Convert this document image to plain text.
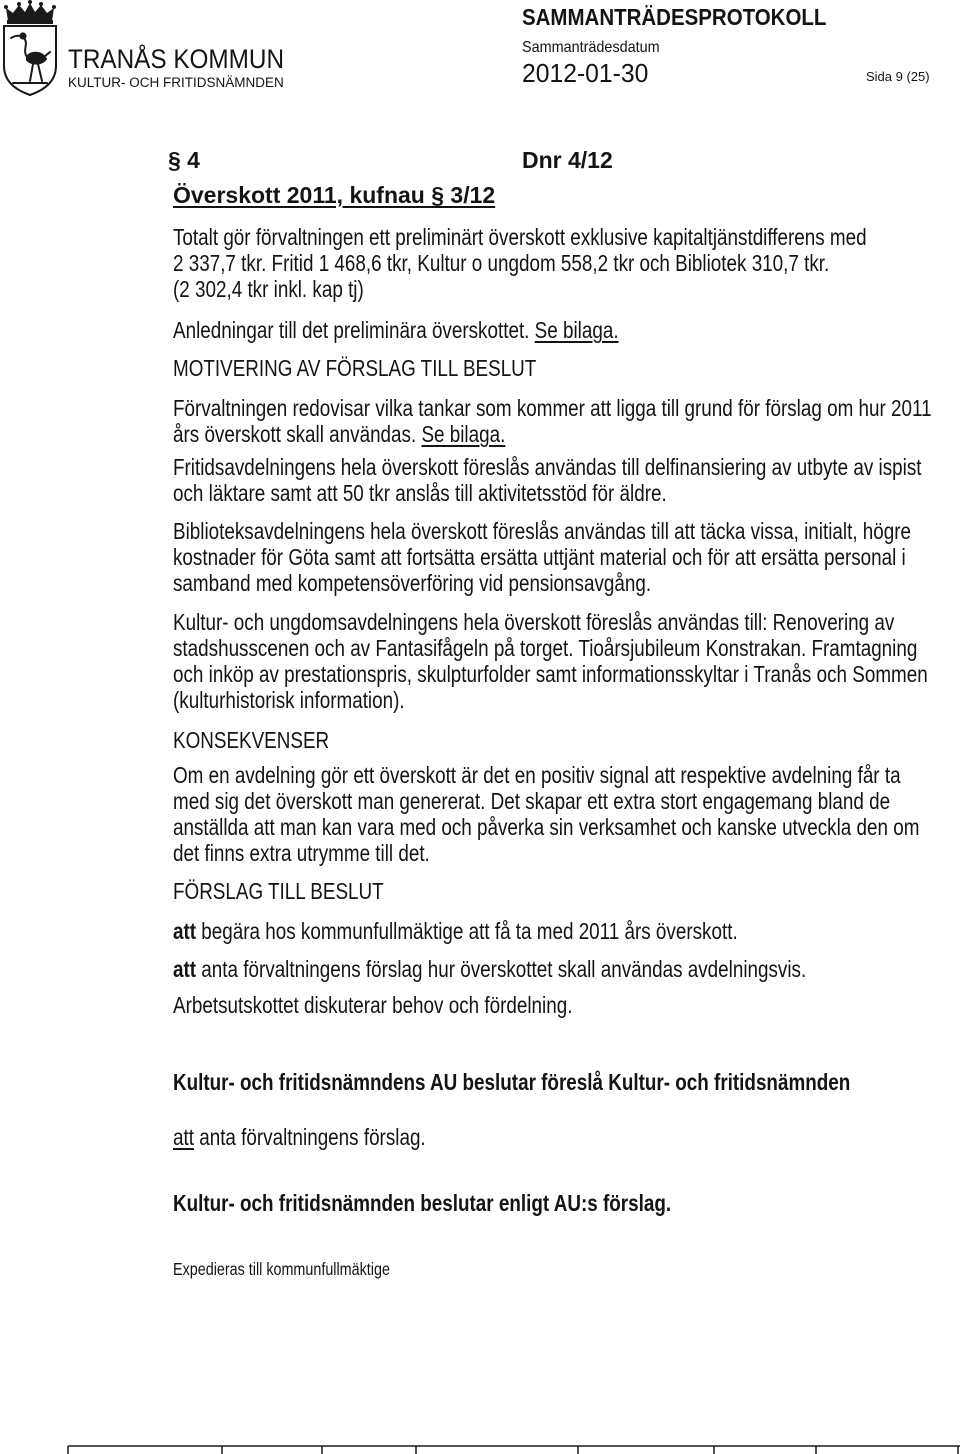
TRANÅS KOMMUN
KULTUR- OCH FRITIDSNÄMNDEN
SAMMANTRÄDESPROTOKOLL
Sammanträdesdatum
2012-01-30	Sida 9 (25)
§ 4	Dnr 4/12
Överskott 2011, kufnau § 3/12
Totalt gör förvaltningen ett preliminärt överskott exklusive kapitaltjänstdifferens med
2 337,7 tkr. Fritid 1 468,6 tkr, Kultur o ungdom 558,2 tkr och Bibliotek 310,7 tkr.
(2 302,4 tkr inkl. kap tj)
Anledningar till det preliminära överskottet. Se bilaga.
MOTIVERING AV FÖRSLAG TILL BESLUT
Förvaltningen redovisar vilka tankar som kommer att ligga till grund för förslag om hur 2011
års överskott skall användas. Se bilaga.
Fritidsavdelningens hela överskott föreslås användas till delfinansiering av utbyte av ispist
och läktare samt att 50 tkr anslås till aktivitetsstöd för äldre.
Biblioteksavdelningens hela överskott föreslås användas till att täcka vissa, initialt, högre
kostnader för Göta samt att fortsätta ersätta uttjänt material och för att ersätta personal i
samband med kompetensöverföring vid pensionsavgång.
Kultur- och ungdomsavdelningens hela överskott föreslås användas till: Renovering av
stadshusscenen och av Fantasifågeln på torget. Tioårsjubileum Konstrakan. Framtagning
och inköp av prestationspris, skulpturfolder samt informationsskyltar i Tranås och Sommen
(kulturhistorisk information).
KONSEKVENSER
Om en avdelning gör ett överskott är det en positiv signal att respektive avdelning får ta
med sig det överskott man genererat. Det skapar ett extra stort engagemang bland de
anställda att man kan vara med och påverka sin verksamhet och kanske utveckla den om
det finns extra utrymme till det.
FÖRSLAG TILL BESLUT
att begära hos kommunfullmäktige att få ta med 2011 års överskott.
att anta förvaltningens förslag hur överskottet skall användas avdelningsvis.
Arbetsutskottet diskuterar behov och fördelning.
Kultur- och fritidsnämndens AU beslutar föreslå Kultur- och fritidsnämnden
att anta förvaltningens förslag.
Kultur- och fritidsnämnden beslutar enligt AU:s förslag.
Expedieras till kommunfullmäktige
